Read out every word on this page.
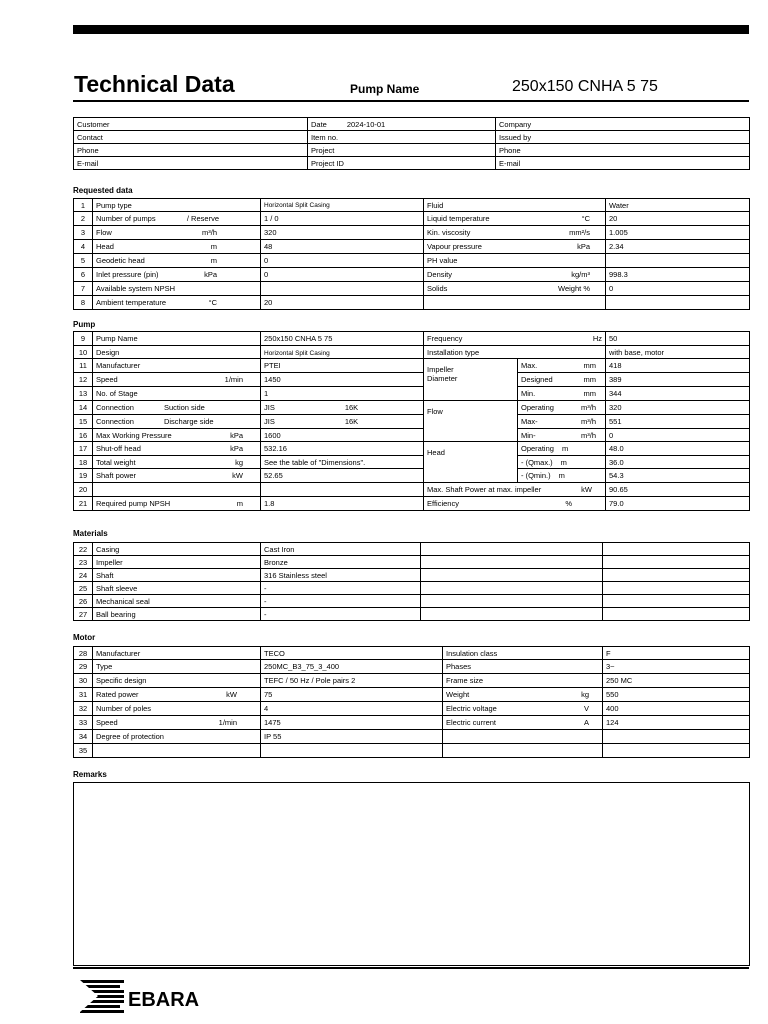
Technical Data	Pump Name	250x150 CNHA 5 75
Customer	Date 2024-10-01	Company
Contact	Item no.	Issued by
Phone	Project	Phone
E-mail	Project ID	E-mail
Requested data
1	Pump type	Horizontal Split Casing	Fluid	Water
2	Number of pumps / Reserve	1 / 0	Liquid temperature °C	20
3	Flow m³/h	320	Kin. viscosity mm²/s	1.005
4	Head m	48	Vapour pressure kPa	2.34
5	Geodetic head m	0	PH value

6	Inlet pressure (pin) kPa	0	Density kg/m³	998.3
7	Available system NPSH		Solids Weight %	0
8	Ambient temperature °C	20	

Pump
9	Pump Name	250x150 CNHA 5 75	Frequency Hz		50
10	Design	Horizontal Split Casing	Installation type		with base, motor
11	Manufacturer	PTEI	Impeller
Diameter	Max. mm	418
12	Speed 1/min	1450		Designed mm	389
13	No. of Stage	1		Min. mm	344
14	Connection Suction side	JIS 16K	Flow	Operating m³/h	320
15	Connection Discharge side	JIS 16K		Max- m³/h	551
16	Max Working Pressure kPa	1600		Min- m³/h	0
17	Shut-off head kPa	532.16	Head	Operating m	48.0
18	Total weight kg	See the table of "Dimensions".		- (Qmax.) m	36.0
19	Shaft power kW	52.65		- (Qmin.) m	54.3
20			Max. Shaft Power at max. impeller kW		90.65
21	Required pump NPSH m	1.8	Efficiency %		79.0
Materials
22	Casing	Cast Iron		
23	Impeller	Bronze		
24	Shaft	316 Stainless steel		
25	Shaft sleeve	-		
26	Mechanical seal	-		
27	Ball bearing	-		
Motor
28	Manufacturer	TECO	Insulation class	F
29	Type	250MC_B3_75_3_400	Phases	3~
30	Specific design	TEFC / 50 Hz / Pole pairs 2	Frame size	250 MC
31	Rated power kW	75	Weight kg	550
32	Number of poles	4	Electric voltage V	400
33	Speed 1/min	1475	Electric current A	124
34	Degree of protection	IP 55	

35	

Remarks
EBARA
